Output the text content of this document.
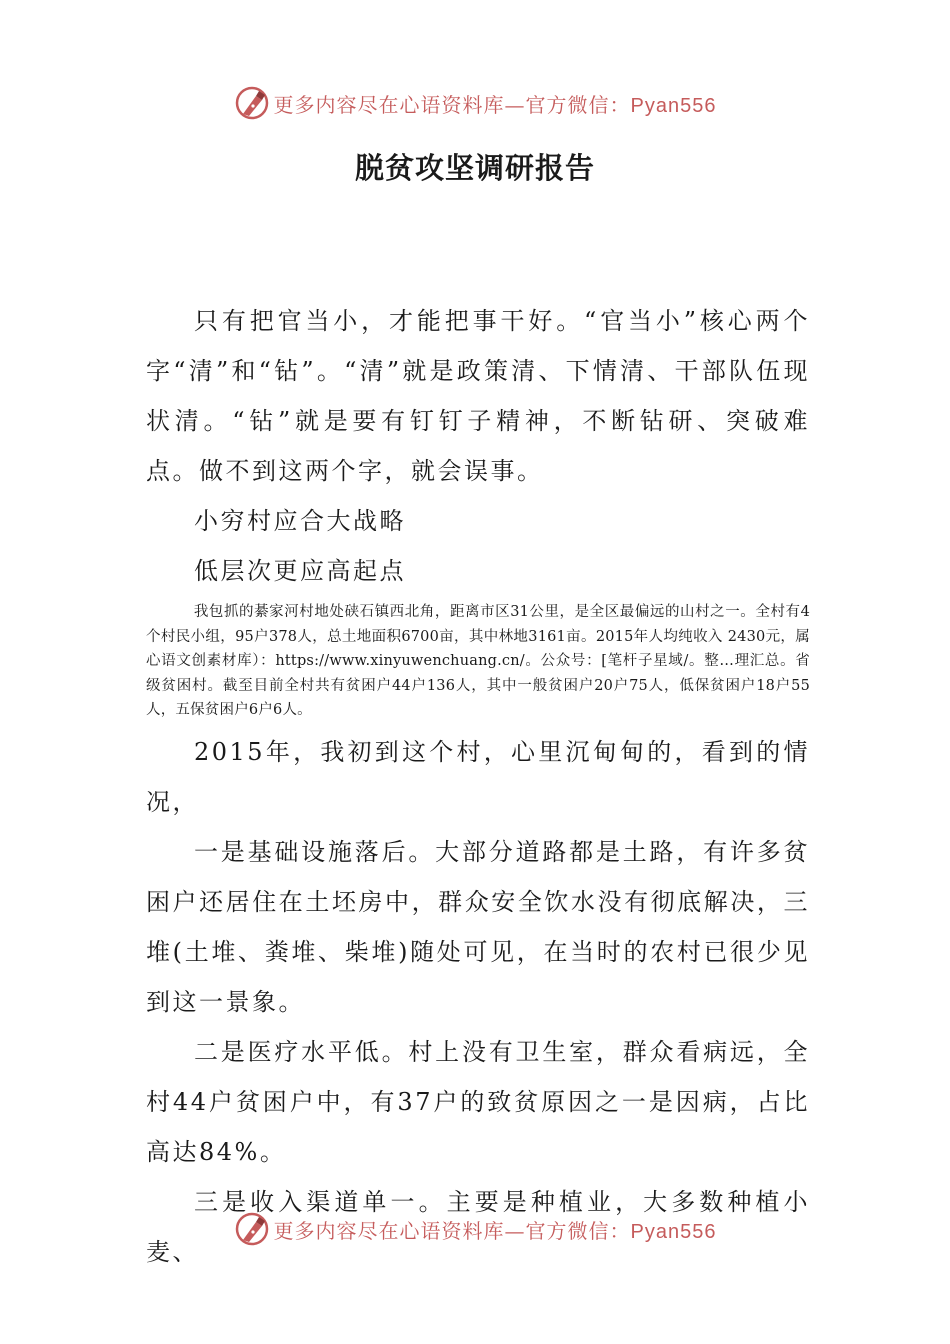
更多内容尽在心语资料库—官方微信：Pyan556
脱贫攻坚调研报告

只有把官当小，才能把事干好。“官当小”核心两个字“清”和“钻”。“清”就是政策清、下情清、干部队伍现状清。“钻”就是要有钉钉子精神，不断钻研、突破难点。做不到这两个字，就会误事。

小穷村应合大战略

低层次更应高起点

我包抓的綦家河村地处硖石镇西北角，距离市区31公里，是全区最偏远的山村之一。全村有4个村民小组，95户378人，总土地面积6700亩，其中林地3161亩。2015年人均纯收入 2430元，属心语文创素材库）：https://www.xinyuwenchuang.cn/。公众号：[笔杆子星域/。整…理汇总。省级贫困村。截至目前全村共有贫困户44户136人，其中一般贫困户20户75人，低保贫困户18户55人，五保贫困户6户6人。

2015年，我初到这个村，心里沉甸甸的，看到的情况，

一是基础设施落后。大部分道路都是土路，有许多贫困户还居住在土坯房中，群众安全饮水没有彻底解决，三堆(土堆、粪堆、柴堆)随处可见，在当时的农村已很少见到这一景象。

二是医疗水平低。村上没有卫生室，群众看病远，全村44户贫困户中，有37户的致贫原因之一是因病，占比高达84%。

三是收入渠道单一。主要是种植业，大多数种植小麦、

更多内容尽在心语资料库—官方微信：Pyan556
